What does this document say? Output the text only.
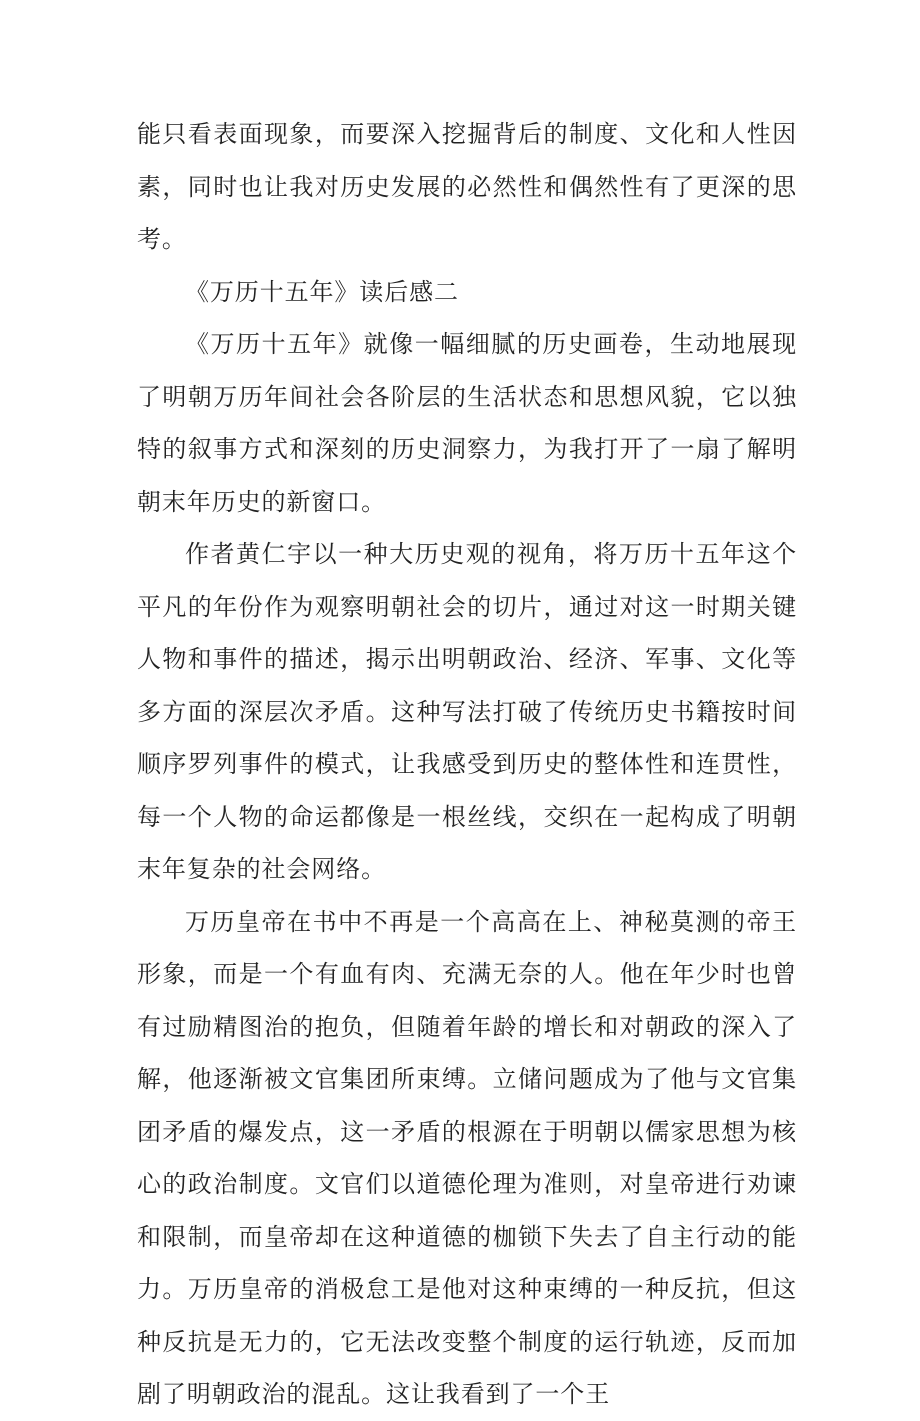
能只看表面现象，而要深入挖掘背后的制度、文化和人性因素，同时也让我对历史发展的必然性和偶然性有了更深的思考。

《万历十五年》读后感二

《万历十五年》就像一幅细腻的历史画卷，生动地展现了明朝万历年间社会各阶层的生活状态和思想风貌，它以独特的叙事方式和深刻的历史洞察力，为我打开了一扇了解明朝末年历史的新窗口。

作者黄仁宇以一种大历史观的视角，将万历十五年这个平凡的年份作为观察明朝社会的切片，通过对这一时期关键人物和事件的描述，揭示出明朝政治、经济、军事、文化等多方面的深层次矛盾。这种写法打破了传统历史书籍按时间顺序罗列事件的模式，让我感受到历史的整体性和连贯性，每一个人物的命运都像是一根丝线，交织在一起构成了明朝末年复杂的社会网络。

万历皇帝在书中不再是一个高高在上、神秘莫测的帝王形象，而是一个有血有肉、充满无奈的人。他在年少时也曾有过励精图治的抱负，但随着年龄的增长和对朝政的深入了解，他逐渐被文官集团所束缚。立储问题成为了他与文官集团矛盾的爆发点，这一矛盾的根源在于明朝以儒家思想为核心的政治制度。文官们以道德伦理为准则，对皇帝进行劝谏和限制，而皇帝却在这种道德的枷锁下失去了自主行动的能力。万历皇帝的消极怠工是他对这种束缚的一种反抗，但这种反抗是无力的，它无法改变整个制度的运行轨迹，反而加剧了明朝政治的混乱。这让我看到了一个王
